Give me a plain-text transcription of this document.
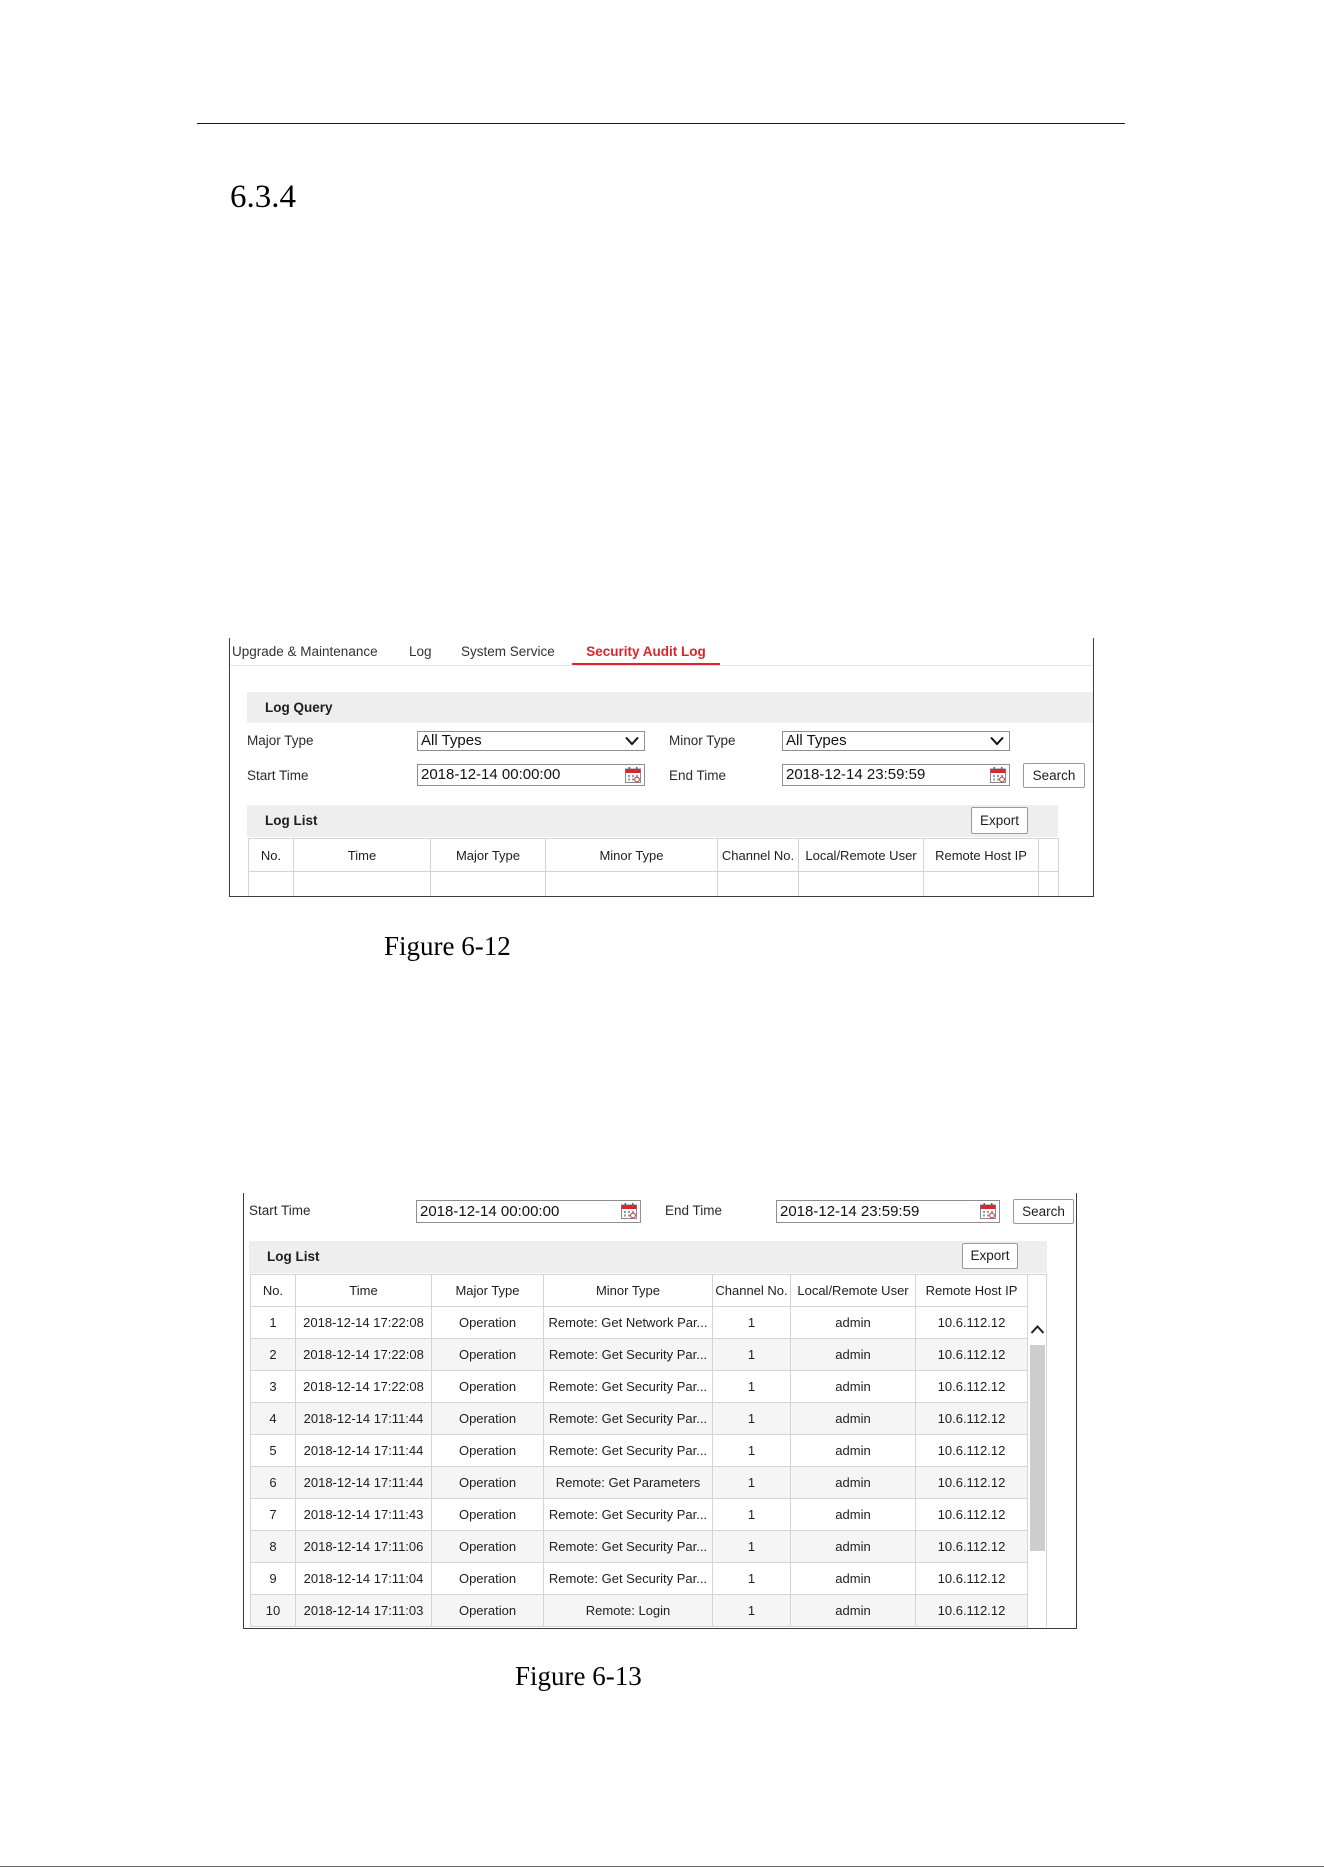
6.3.4
Upgrade & Maintenance Log System Service	Security Audit Log
Log Query
Major Type	All Types	Minor Type	All Types
Start Time	2018-12-14 00:00:00	End Time	2018-12-14 23:59:59	Search
Log List	Export
No.	Time	Major Type	Minor Type	Channel No.	Local/Remote User	Remote Host IP	

Figure 6-12
Start Time	2018-12-14 00:00:00	End Time	2018-12-14 23:59:59	Search
Log List	Export
No.	Time	Major Type	Minor Type	Channel No.	Local/Remote User	Remote Host IP	
1	2018-12-14 17:22:08	Operation	Remote: Get Network Par...	1	admin	10.6.112.12	
2	2018-12-14 17:22:08	Operation	Remote: Get Security Par...	1	admin	10.6.112.12	
3	2018-12-14 17:22:08	Operation	Remote: Get Security Par...	1	admin	10.6.112.12	
4	2018-12-14 17:11:44	Operation	Remote: Get Security Par...	1	admin	10.6.112.12	
5	2018-12-14 17:11:44	Operation	Remote: Get Security Par...	1	admin	10.6.112.12	
6	2018-12-14 17:11:44	Operation	Remote: Get Parameters	1	admin	10.6.112.12	
7	2018-12-14 17:11:43	Operation	Remote: Get Security Par...	1	admin	10.6.112.12	
8	2018-12-14 17:11:06	Operation	Remote: Get Security Par...	1	admin	10.6.112.12	
9	2018-12-14 17:11:04	Operation	Remote: Get Security Par...	1	admin	10.6.112.12	
10	2018-12-14 17:11:03	Operation	Remote: Login	1	admin	10.6.112.12	
Figure 6-13
